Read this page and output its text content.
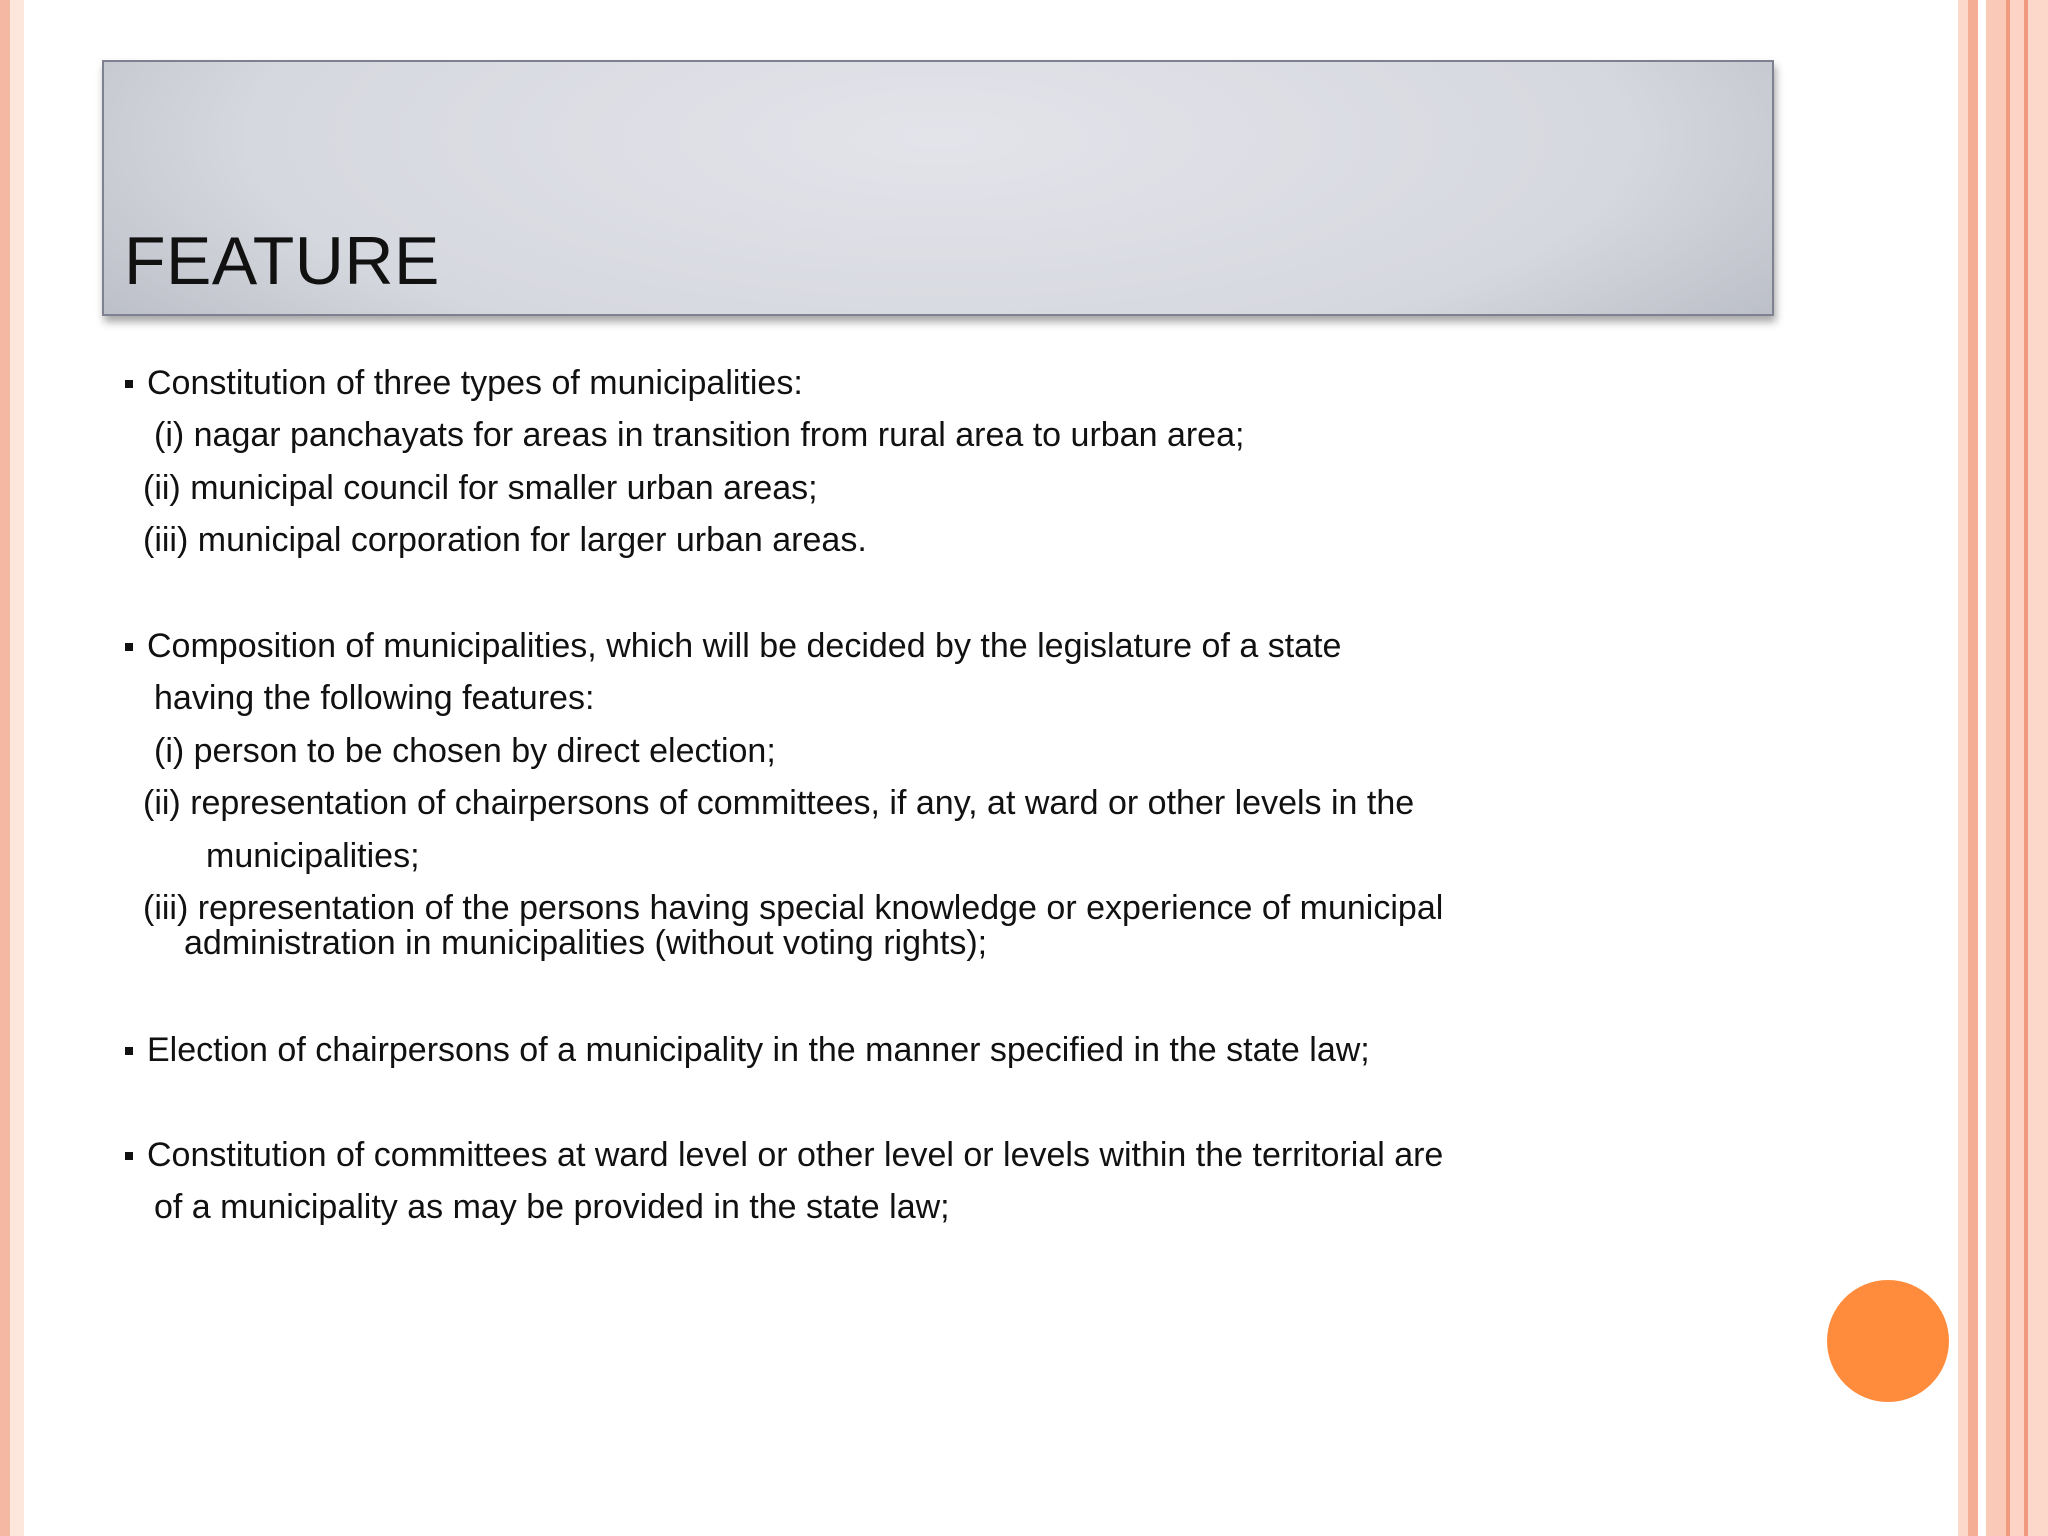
FEATURE
Constitution of three types of municipalities:
(i) nagar panchayats for areas in transition from rural area to urban area;
(ii) municipal council for smaller urban areas;
(iii) municipal corporation for larger urban areas.
Composition of municipalities, which will be decided by the legislature of a state
having the following features:
(i) person to be chosen by direct election;
(ii) representation of chairpersons of committees, if any, at ward or other levels in the
municipalities;
(iii) representation of the persons having special knowledge or experience of municipal
administration in municipalities (without voting rights);
Election of chairpersons of a municipality in the manner specified in the state law;
Constitution of committees at ward level or other level or levels within the territorial are
of a municipality as may be provided in the state law;
